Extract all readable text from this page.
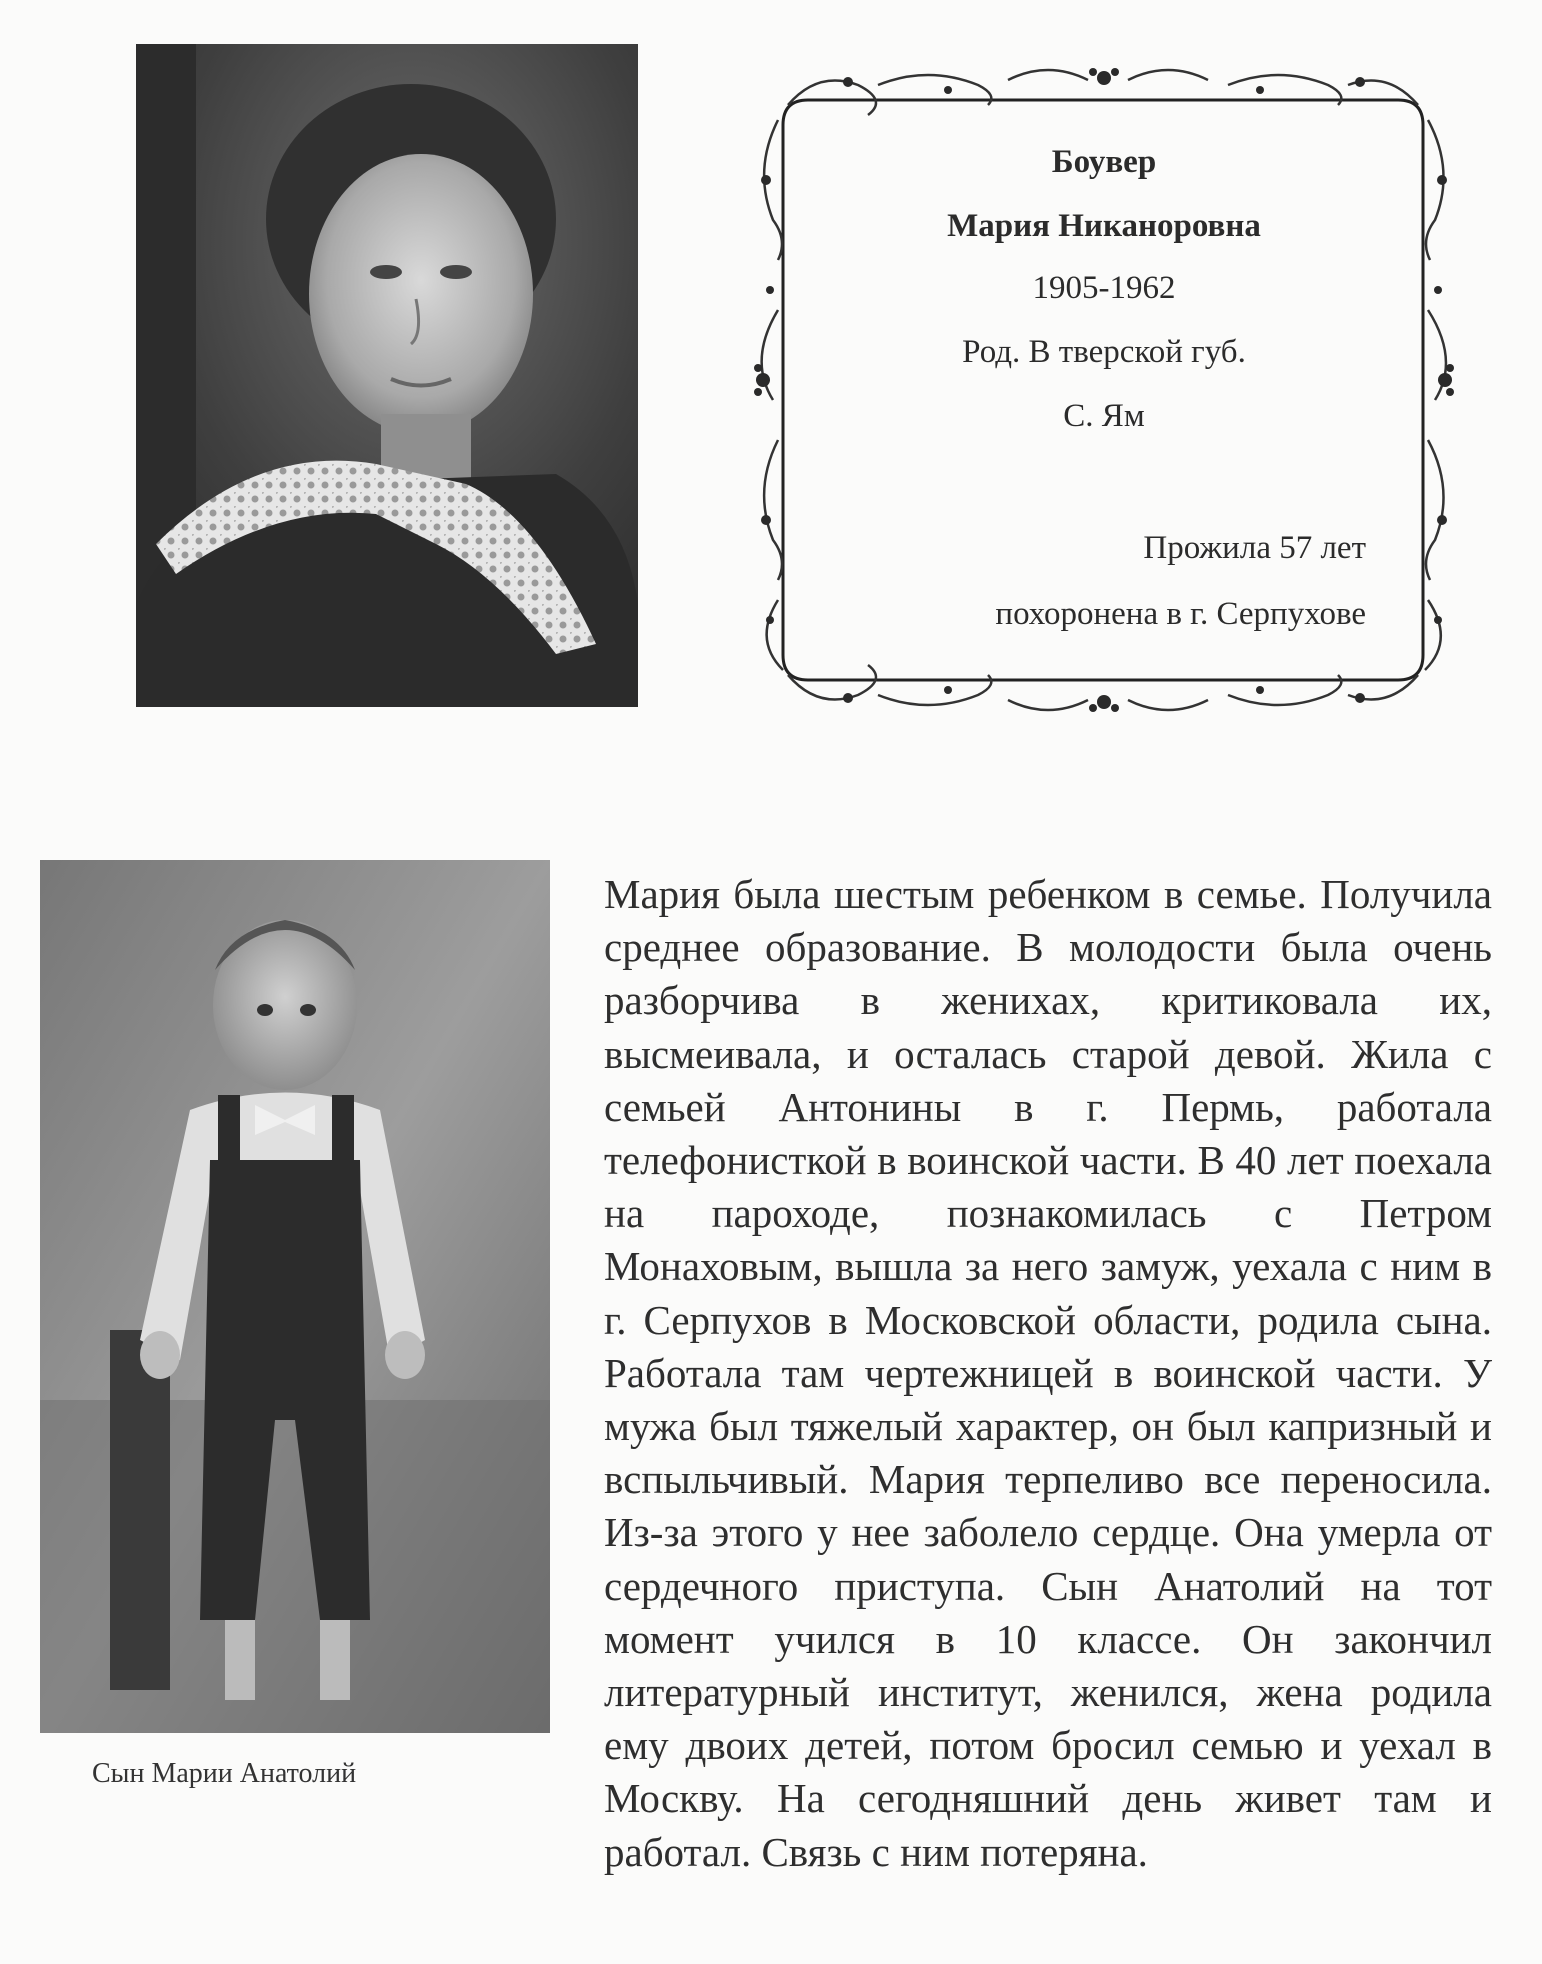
Боувер
Мария Никаноровна
1905-1962
Род. В тверской губ.
С. Ям
Прожила 57 лет
похоронена в г. Серпухове
Сын Марии Анатолий
Мария была шестым ребенком в семье. Получила среднее образование. В молодости была очень разборчива в женихах, критиковала их, высмеивала, и осталась старой девой. Жила с семьей Антонины в г. Пермь, работала телефонисткой в воинской части. В 40 лет поехала на пароходе, познакомилась с Петром Монаховым, вышла за него замуж, уехала с ним в г. Серпухов в Московской области, родила сына. Работала там чертежницей в воинской части. У мужа был тяжелый характер, он был капризный и вспыльчивый. Мария терпеливо все переносила. Из-за этого у нее заболело сердце. Она умерла от сердечного приступа. Сын Анатолий на тот момент учился в 10 классе. Он закончил литературный институт, женился, жена родила ему двоих детей, потом бросил семью и уехал в Москву. На сегодняшний день живет там и работал. Связь с ним потеряна.
